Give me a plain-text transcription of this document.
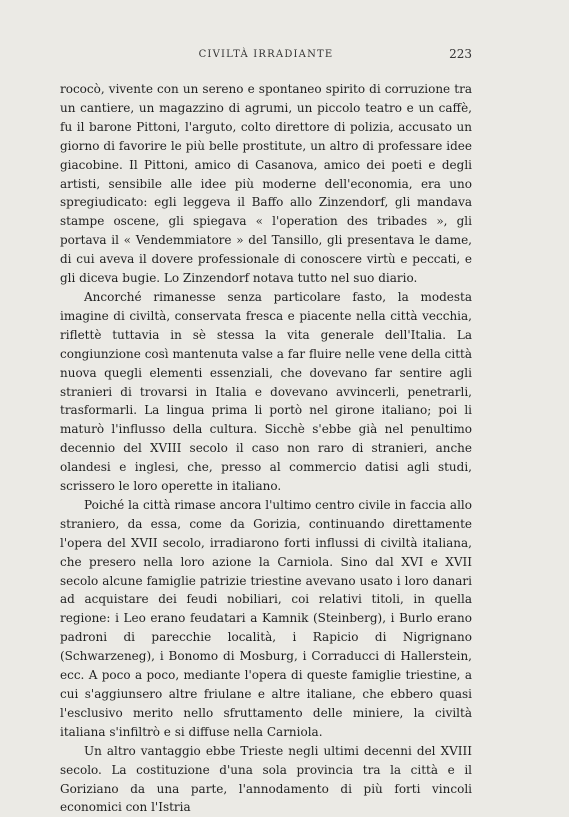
CIVILTÀ IRRADIANTE	223

rococò, vivente con un sereno e spontaneo spirito di corruzione tra un cantiere, un magazzino di agrumi, un piccolo teatro e un caffè, fu il barone Pittoni, l'arguto, colto direttore di polizia, accusato un giorno di favorire le più belle prostitute, un altro di professare idee giacobine. Il Pittoni, amico di Casanova, amico dei poeti e degli artisti, sensibile alle idee più moderne dell'economia, era uno spregiudicato: egli leggeva il Baffo allo Zinzendorf, gli mandava stampe oscene, gli spiegava « l'operation des tribades », gli portava il « Vendemmiatore » del Tansillo, gli presentava le dame, di cui aveva il dovere professionale di conoscere virtù e peccati, e gli diceva bugie. Lo Zinzendorf notava tutto nel suo diario.

Ancorché rimanesse senza particolare fasto, la modesta imagine di civiltà, conservata fresca e piacente nella città vecchia, riflettè tuttavia in sè stessa la vita generale dell'Italia. La congiunzione così mantenuta valse a far fluire nelle vene della città nuova quegli elementi essenziali, che dovevano far sentire agli stranieri di trovarsi in Italia e dovevano avvincerli, penetrarli, trasformarli. La lingua prima li portò nel girone italiano; poi li maturò l'influsso della cultura. Sicchè s'ebbe già nel penultimo decennio del XVIII secolo il caso non raro di stranieri, anche olandesi e inglesi, che, presso al commercio datisi agli studi, scrissero le loro operette in italiano.

Poiché la città rimase ancora l'ultimo centro civile in faccia allo straniero, da essa, come da Gorizia, continuando direttamente l'opera del XVII secolo, irradiarono forti influssi di civiltà italiana, che presero nella loro azione la Carniola. Sino dal XVI e XVII secolo alcune famiglie patrizie triestine avevano usato i loro danari ad acquistare dei feudi nobiliari, coi relativi titoli, in quella regione: i Leo erano feudatari a Kamnik (Steinberg), i Burlo erano padroni di parecchie località, i Rapicio di Nigrignano (Schwarzeneg), i Bonomo di Mosburg, i Corraducci di Hallerstein, ecc. A poco a poco, mediante l'opera di queste famiglie triestine, a cui s'aggiunsero altre friulane e altre italiane, che ebbero quasi l'esclusivo merito nello sfruttamento delle miniere, la civiltà italiana s'infiltrò e si diffuse nella Carniola.

Un altro vantaggio ebbe Trieste negli ultimi decenni del XVIII secolo. La costituzione d'una sola provincia tra la città e il Goriziano da una parte, l'annodamento di più forti vincoli economici con l'Istria
